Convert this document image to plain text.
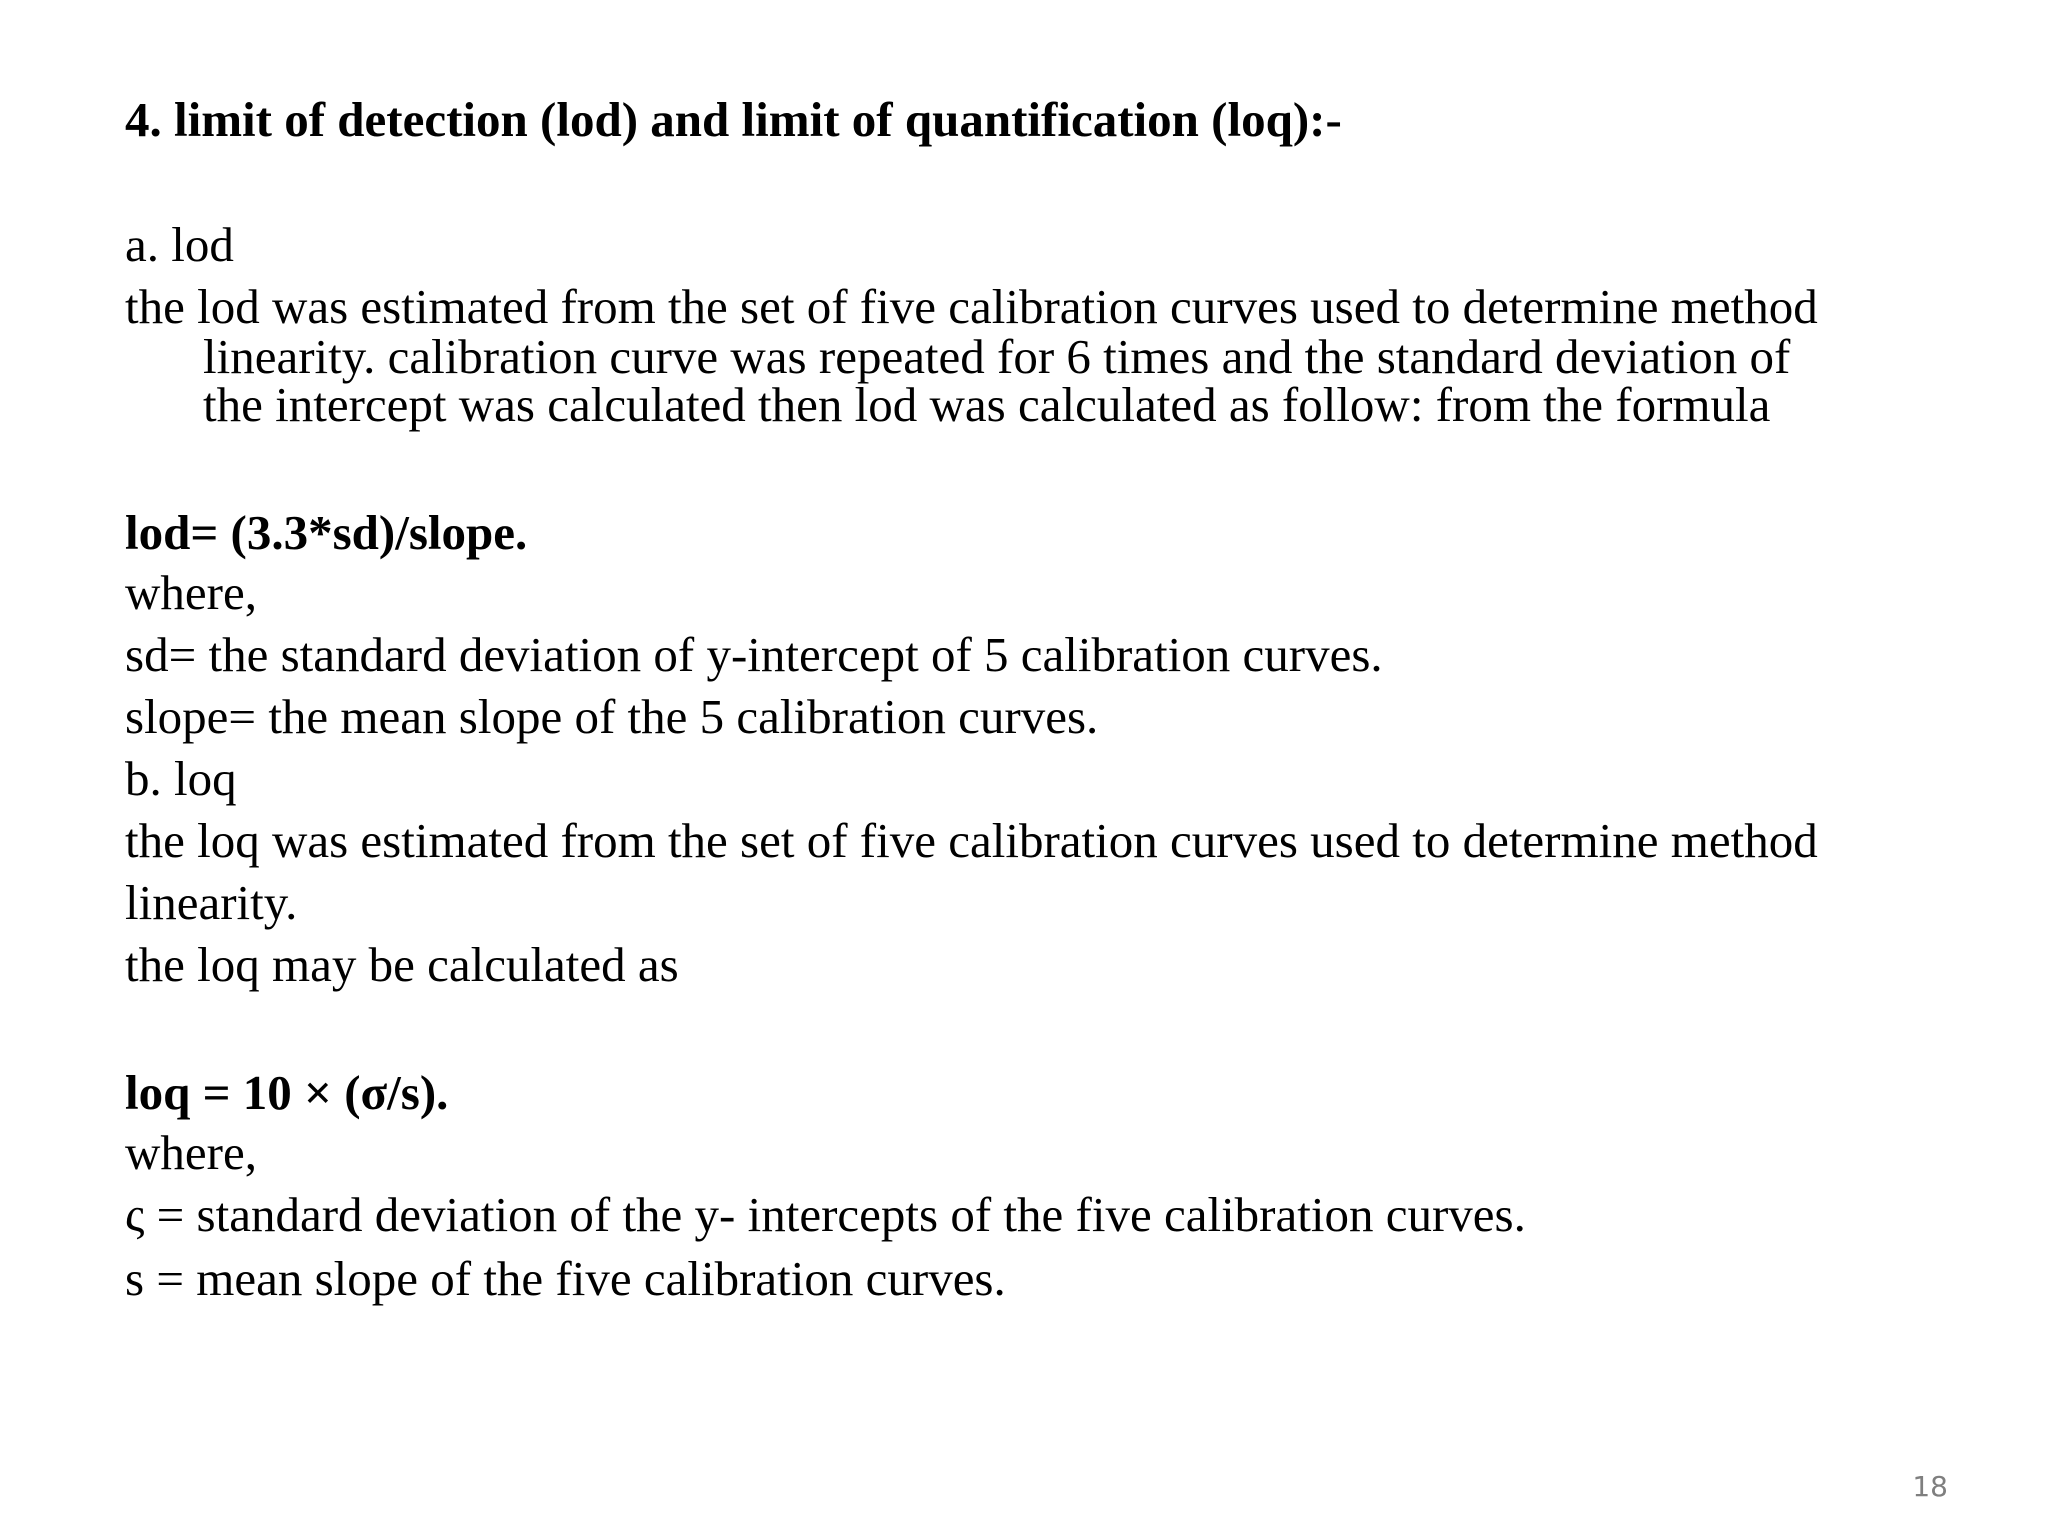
4. limit of detection (lod) and limit of quantification (loq):-
a. lod
the lod was estimated from the set of five calibration curves used to determine method
linearity. calibration curve was repeated for 6 times and the standard deviation of
the intercept was calculated then lod was calculated as follow: from the formula
lod= (3.3*sd)/slope.
where,
sd= the standard deviation of y-intercept of 5 calibration curves.
slope= the mean slope of the 5 calibration curves.
b. loq
the loq was estimated from the set of five calibration curves used to determine method
linearity.
the loq may be calculated as
loq = 10 × (σ/s).
where,
ς = standard deviation of the y- intercepts of the five calibration curves.
s = mean slope of the five calibration curves.
18
